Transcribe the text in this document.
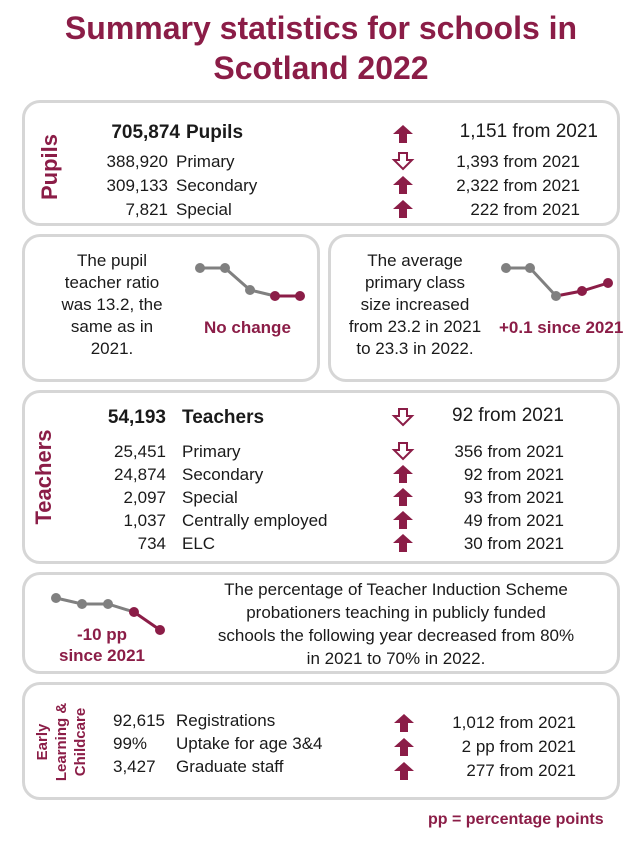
Summary statistics for schools in
Scotland 2022
Pupils
705,874 Pupils	1,151 from 2021
388,920 Primary	1,393 from 2021
309,133 Secondary	2,322 from 2021
7,821 Special	222 from 2021
The pupil
teacher ratio
was 13.2, the
same as in
2021.
No change
The average
primary class
size increased
from 23.2 in 2021
to 23.3 in 2022.
+0.1 since 2021
Teachers
54,193 Teachers	92 from 2021
25,451 Primary	356 from 2021
24,874 Secondary	92 from 2021
2,097 Special	93 from 2021
1,037 Centrally employed	49 from 2021
734 ELC	30 from 2021
-10 pp
since 2021
The percentage of Teacher Induction Scheme
probationers teaching in publicly funded
schools the following year decreased from 80%
in 2021 to 70% in 2022.
Early Learning & Childcare 92,615 Registrations	1,012 from 2021
99% Uptake for age 3&4	2 pp from 2021
3,427 Graduate staff	277 from 2021
pp = percentage points
